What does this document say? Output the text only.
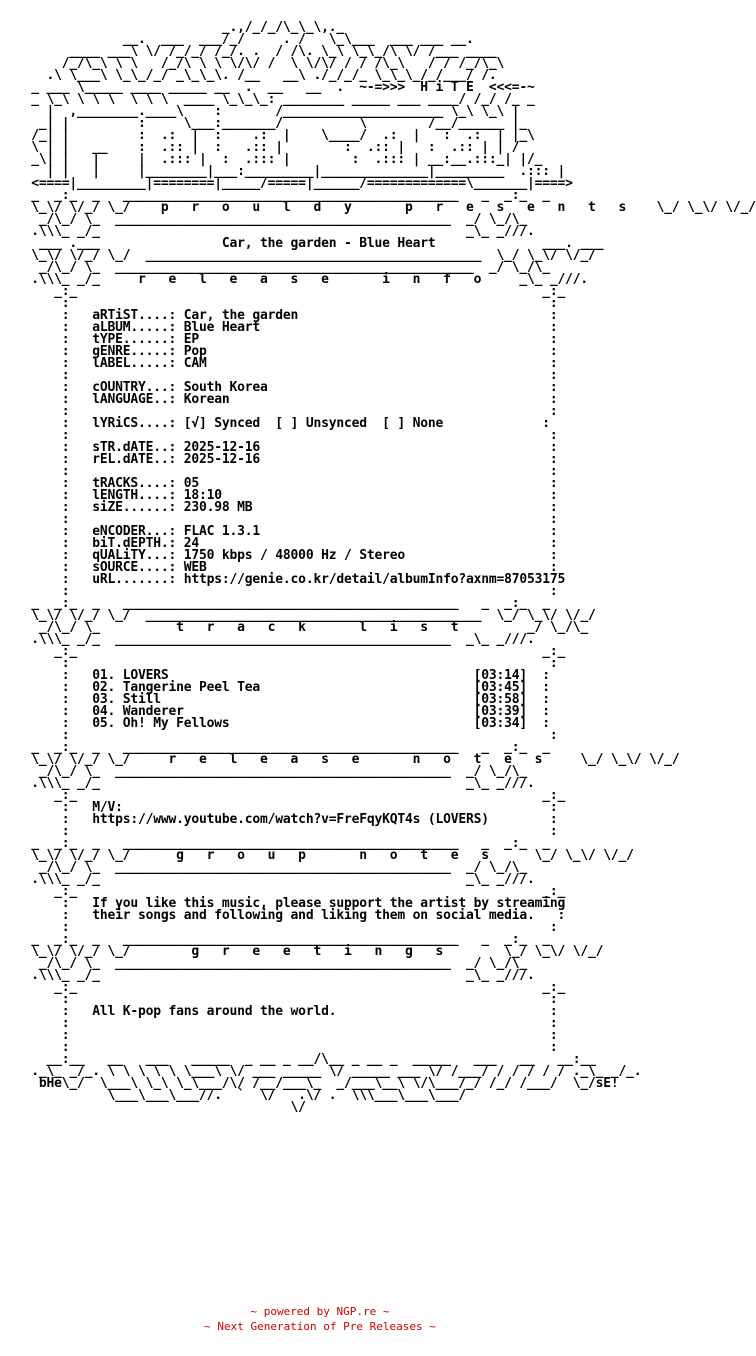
_.,/_/_/\_\_\,._
__.  ___  ___/_/     . /   \_\___  ___ ___ __.
____ ___\ \/ /_/_/ /_/. .  / /\. \_\ \_\_/\ \/ /___ ____
/_/\_\ \ \   /_/\ \ \ \/\/ /  \ \/\/ / / /\_\   / / /_/\_\
.\ \___\ \_\_/_/ _\_\_\. /__   __\ ./_/_/_ \_\_\_/_/___/ /.
_ ___ \_____ ____ _____ __  .  __   __  .  ~-=>>>  H i T E  <<<=-~
_ \_\ \ \ \  \ \ \  ____ \_\_\_: ________ _____ ___ ____/ /_/ /_ _
|  ,________.____\    :       /_____________________ \_\ \_\ |
_| |         :     \___:_______/          \        /__/______ |_
/_| |         :  .:  |  :    .:  |    \____/  .:  |   :  .:  | |_\
\ | |   __    :  .:: |  :   .:: |        :  .:: |   :  .:: | | /
_\| |   |     |  .::: |  :  .::: |        :  .::: | __:__.:::_| |/_
| |   |     |________|___:_________|______________|_________  .::: |
<====|_________|========|_____/=====|______/=============\_______|====>
_  _:_  _   ____________________________________________   _  _:_  _
\_\/ \/_/ \_/    p   r   o   u   l   d   y       p   r   e   s   e   n   t   s    \_/ \_\/ \/_/
_/\_/ \_  ____________________________________________  _/ \_/\_
.\\\_ _/_                                                _\_ _///.
___ .___                Car, the garden - Blue Heart              ___. ___
\_\/ \/_/ \_/  ____________________________________________  \_/ \_\/ \/_/
_/\_/ \_  _______________________________________________  _/ \_/\_
.\\\_ _/_     r   e   l   e   a   s   e       i   n   f   o     _\_ _///.
_:_                                                             _:_
:                                                               :
:   aRTiST....: Car, the garden                                 :
:   aLBUM.....: Blue Heart                                      :
:   tYPE......: EP                                              :
:   gENRE.....: Pop                                             :
:   lABEL.....: CAM                                             :
:                                                               :
:   cOUNTRY...: South Korea                                     :
:   lANGUAGE..: Korean                                          :
:                                                               :
:   lYRiCS....: [√] Synced  [ ] Unsynced  [ ] None             :
:                                                               :
:   sTR.dATE..: 2025-12-16                                      :
:   rEL.dATE..: 2025-12-16                                      :
:                                                               :
:   tRACKS....: 05                                              :
:   lENGTH....: 18:10                                           :
:   siZE......: 230.98 MB                                       :
:                                                               :
:   eNCODER...: FLAC 1.3.1                                      :
:   biT.dEPTH.: 24                                              :
:   qUALiTY...: 1750 kbps / 48000 Hz / Stereo                   :
:   sOURCE....: WEB                                             :
:   uRL.......: https://genie.co.kr/detail/albumInfo?axnm=87053175
:                                                               :
_  _:_  _   ____________________________________________   _  _:_  _
\_\/ \/_/ \_/  ____________________________________________  \_/ \_\/ \/_/
_/\_/ \_          t   r   a   c   k       l   i   s   t         _/ \_/\_
.\\\_ _/_  ____________________________________________  _\_ _///.
_:_                                                             _:_
:                                                               :
:   01. LOVERS                                        [03:14]  :
:   02. Tangerine Peel Tea                            [03:45]  :
:   03. Still                                         [03:58]  :
:   04. Wanderer                                      [03:39]  :
:   05. Oh! My Fellows                                [03:34]  :
:                                                               :
_  _:_  _   ____________________________________________   _  _:_  _
\_\/ \/_/ \_/     r   e   l   e   a   s   e       n   o   t   e   s     \_/ \_\/ \/_/
_/\_/ \_  ____________________________________________  _/ \_/\_
.\\\_ _/_                                                _\_ _///.
_:_                                                             _:_
:   M/V:                                                        :
:   https://www.youtube.com/watch?v=FreFqyKQT4s (LOVERS)        :
:                                                               :
_  _:_  _   ____________________________________________   _  _:_  _
\_\/ \/_/ \_/      g   r   o   u   p       n   o   t   e   s      \_/ \_\/ \/_/
_/\_/ \_  ____________________________________________  _/ \_/\_
.\\\_ _/_                                                _\_ _///.
_:_                                                             _:_
:   If you like this music, please support the artist by streaming
:   their songs and following and liking them on social media.   :
:                                                               :
_  _:_  _   ____________________________________________   _  _:_  _
\_\/ \/_/ \_/        g   r   e   e   t   i   n   g   s        \_/ \_\/ \/_/
_/\_/ \_  ____________________________________________  _/ \_/\_
.\\\_ _/_                                                _\_ _///.
_:_                                                             _:_
:                                                               :
:   All K-pop fans around the world.                            :
:                                                               :
:                                                               :
:                                                               :
__:__   __   ___   _____  _ __ _ __/\__ _ __ _  _____   ___   __   __:__
._\_ _/_. \ \ \ \ \ \___\ \/ ___ _____ \/ _____ ___ \/ /___/ / / / / / ._\_ _/_.
bHe\_/  \___\ \_\ \_\___/\/ /__/___\_  _/___\__\ \/\___/_/ /_/ /___/  \_/sE!
\___\___\___//.  `  \/   .\/ .  \\\___\___\___/
\/

~ powered by NGP.re ~
~ Next Generation of Pre Releases ~
